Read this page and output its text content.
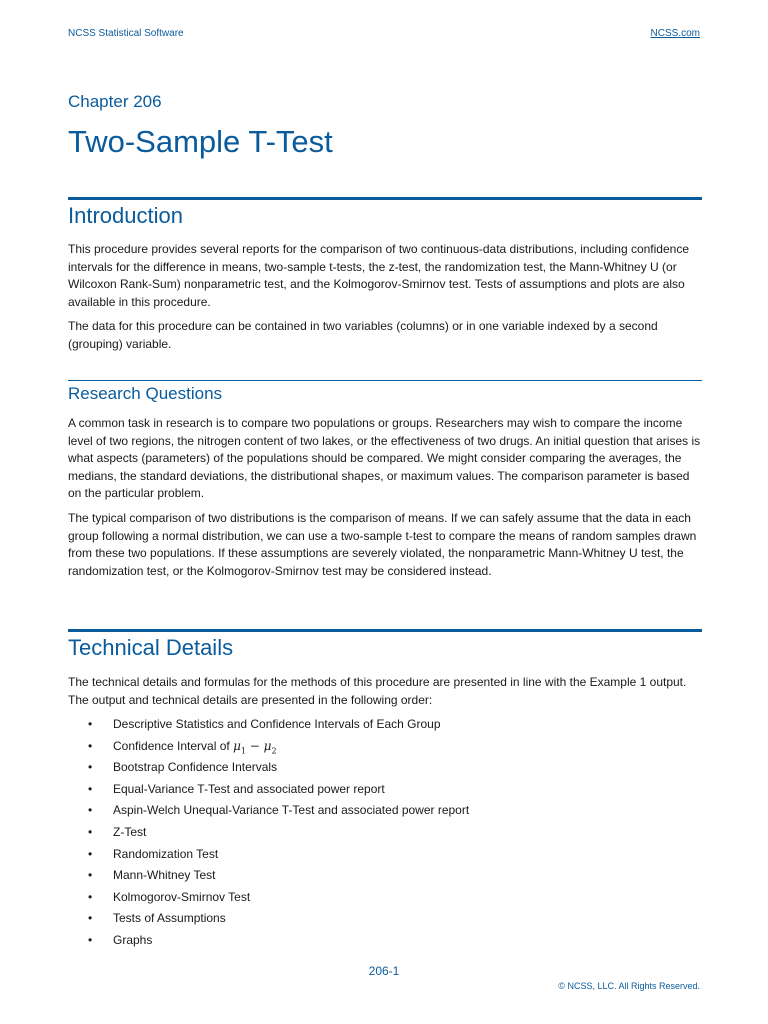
NCSS Statistical Software	NCSS.com
Chapter 206
Two-Sample T-Test
Introduction

This procedure provides several reports for the comparison of two continuous-data distributions, including confidence intervals for the difference in means, two-sample t-tests, the z-test, the randomization test, the Mann-Whitney U (or Wilcoxon Rank-Sum) nonparametric test, and the Kolmogorov-Smirnov test. Tests of assumptions and plots are also available in this procedure.

The data for this procedure can be contained in two variables (columns) or in one variable indexed by a second (grouping) variable.

Research Questions

A common task in research is to compare two populations or groups. Researchers may wish to compare the income level of two regions, the nitrogen content of two lakes, or the effectiveness of two drugs. An initial question that arises is what aspects (parameters) of the populations should be compared. We might consider comparing the averages, the medians, the standard deviations, the distributional shapes, or maximum values. The comparison parameter is based on the particular problem.

The typical comparison of two distributions is the comparison of means. If we can safely assume that the data in each group following a normal distribution, we can use a two-sample t-test to compare the means of random samples drawn from these two populations. If these assumptions are severely violated, the nonparametric Mann-Whitney U test, the randomization test, or the Kolmogorov-Smirnov test may be considered instead.

Technical Details

The technical details and formulas for the methods of this procedure are presented in line with the Example 1 output. The output and technical details are presented in the following order:

• Descriptive Statistics and Confidence Intervals of Each Group
• Confidence Interval of $\mu_1 - \mu_2$
• Bootstrap Confidence Intervals
• Equal-Variance T-Test and associated power report
• Aspin-Welch Unequal-Variance T-Test and associated power report
• Z-Test
• Randomization Test
• Mann-Whitney Test
• Kolmogorov-Smirnov Test
• Tests of Assumptions
• Graphs
206-1
© NCSS, LLC. All Rights Reserved.
